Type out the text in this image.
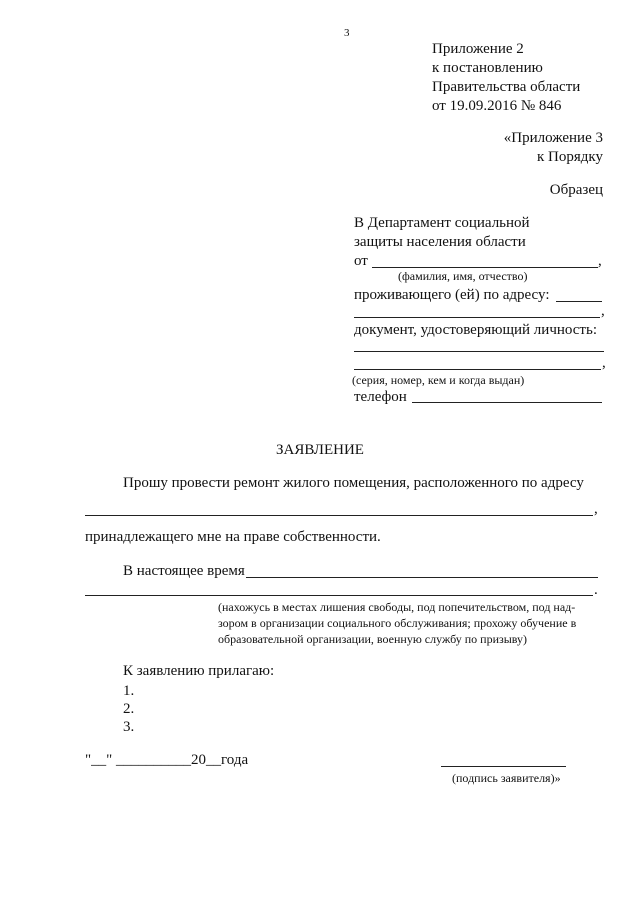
3
Приложение 2
к постановлению
Правительства области
от 19.09.2016 № 846
«Приложение 3
к Порядку
Образец
В Департамент социальной
защиты населения области
от	,
(фамилия, имя, отчество)
проживающего (ей) по адресу:
,
документ, удостоверяющий личность:
,
(серия, номер, кем и когда выдан)
телефон
ЗАЯВЛЕНИЕ
Прошу провести ремонт жилого помещения, расположенного по адресу
,
принадлежащего мне на праве собственности.
В настоящее время
.
(нахожусь в местах лишения свободы, под попечительством, под над-
зором в организации социального обслуживания; прохожу обучение в
образовательной организации, военную службу по призыву)
К заявлению прилагаю:
1.
2.
3.
"__" __________20__года
(подпись заявителя)»
